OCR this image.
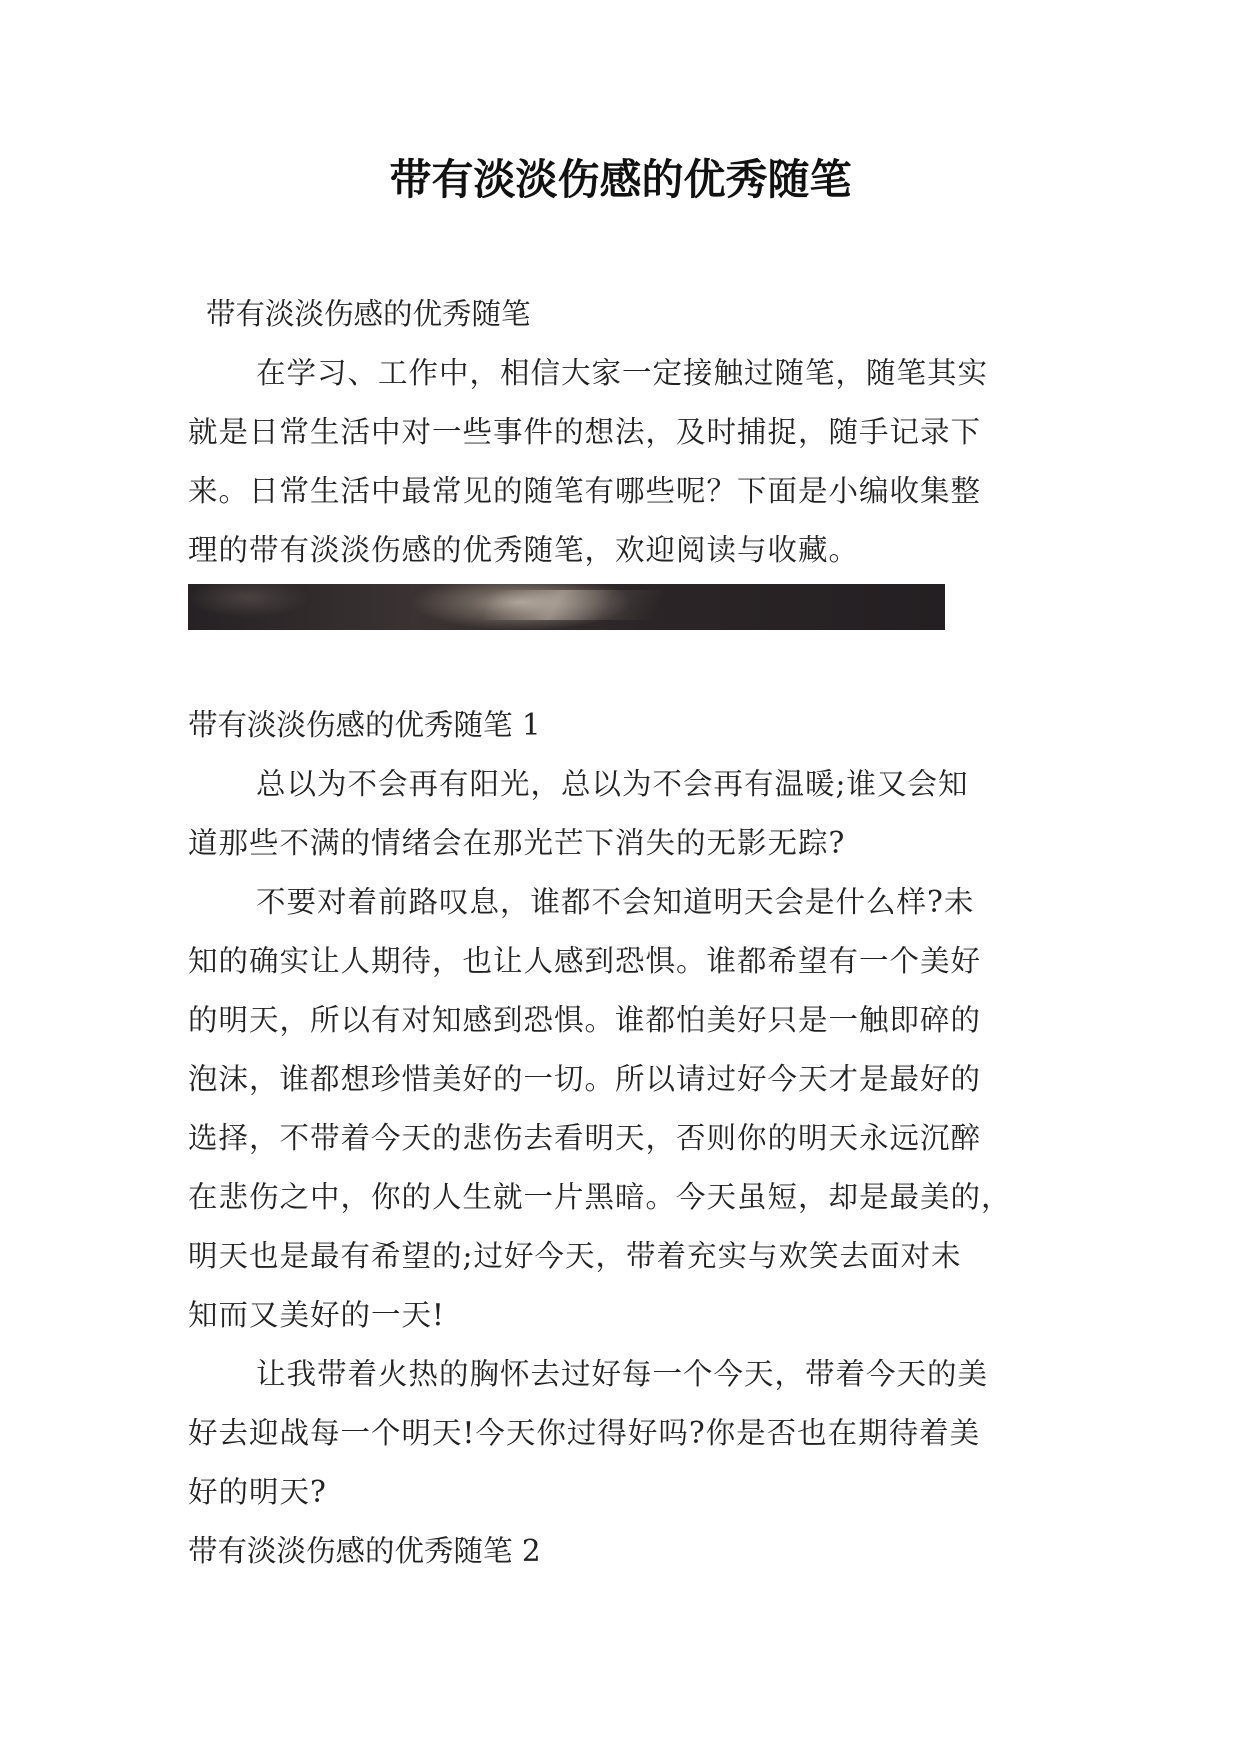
带有淡淡伤感的优秀随笔

带有淡淡伤感的优秀随笔

在学习、工作中，相信大家一定接触过随笔，随笔其实

就是日常生活中对一些事件的想法，及时捕捉，随手记录下

来。日常生活中最常见的随笔有哪些呢？下面是小编收集整

理的带有淡淡伤感的优秀随笔，欢迎阅读与收藏。

带有淡淡伤感的优秀随笔 1

总以为不会再有阳光，总以为不会再有温暖;谁又会知

道那些不满的情绪会在那光芒下消失的无影无踪?

不要对着前路叹息，谁都不会知道明天会是什么样?未

知的确实让人期待，也让人感到恐惧。谁都希望有一个美好

的明天，所以有对知感到恐惧。谁都怕美好只是一触即碎的

泡沫，谁都想珍惜美好的一切。所以请过好今天才是最好的

选择，不带着今天的悲伤去看明天，否则你的明天永远沉醉

在悲伤之中，你的人生就一片黑暗。今天虽短，却是最美的，

明天也是最有希望的;过好今天，带着充实与欢笑去面对未

知而又美好的一天!

让我带着火热的胸怀去过好每一个今天，带着今天的美

好去迎战每一个明天!今天你过得好吗?你是否也在期待着美

好的明天?

带有淡淡伤感的优秀随笔 2
